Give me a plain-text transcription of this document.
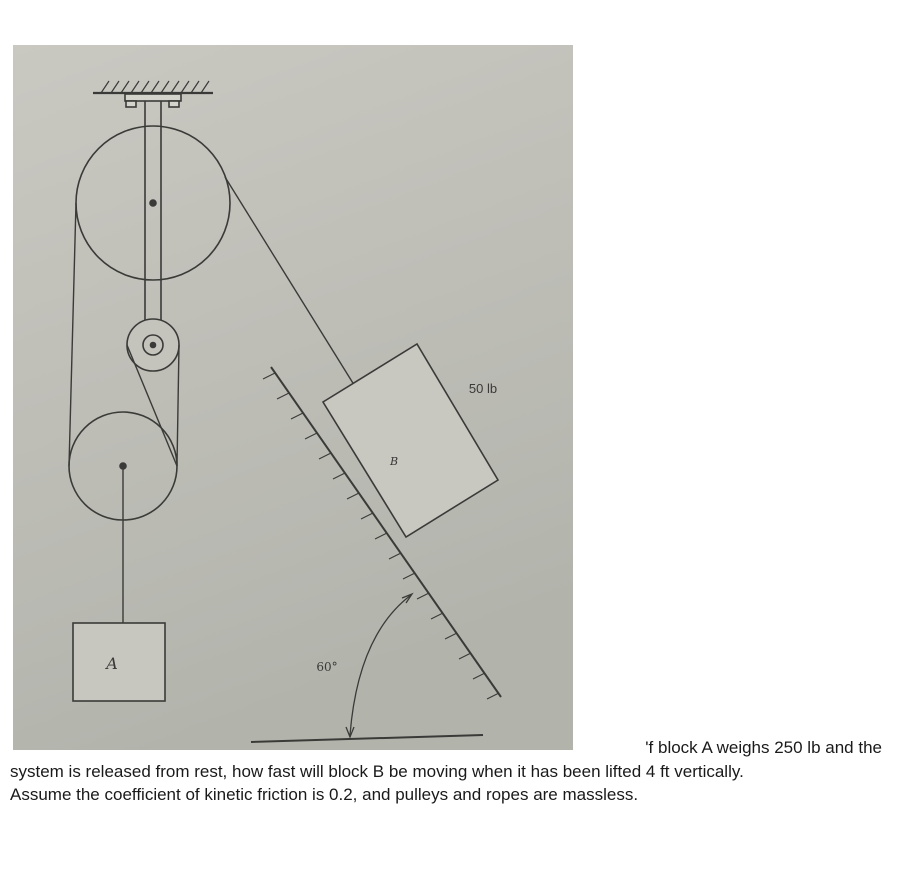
A
B
50 lb
60°
'f block A weighs 250 lb and the
system is released from rest, how fast will block B be moving when it has been lifted 4 ft vertically.
Assume the coefficient of kinetic friction is 0.2, and pulleys and ropes are massless.
